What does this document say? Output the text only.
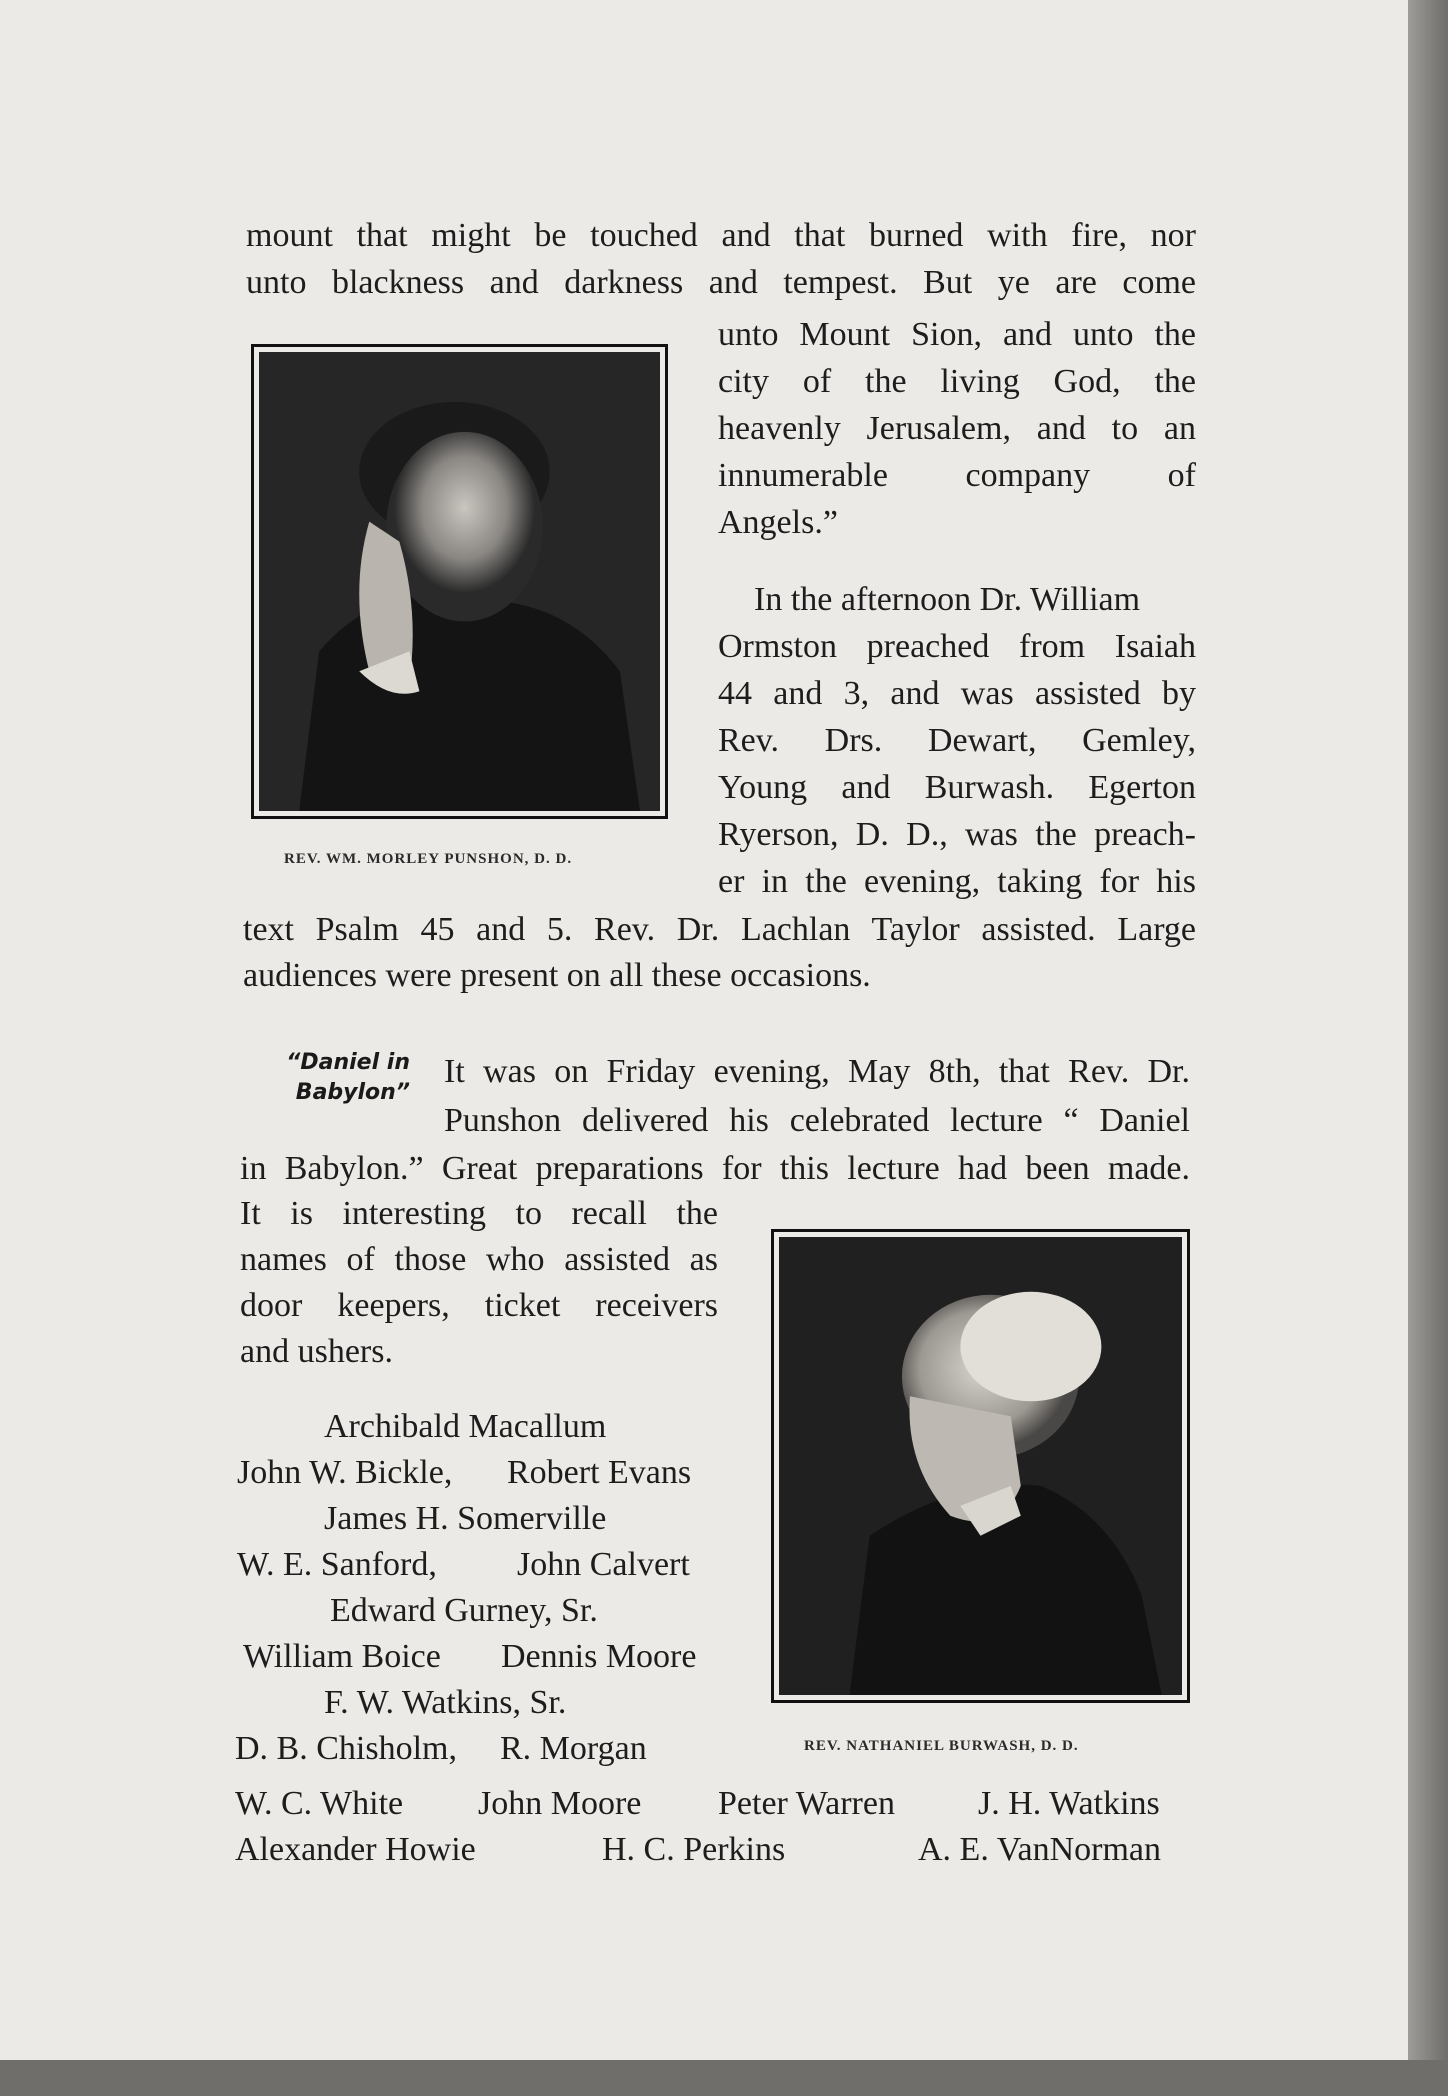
mount that might be touched and that burned with fire, nor
unto blackness and darkness and tempest. But ye are come
unto Mount Sion, and unto the
city of the living God, the
heavenly Jerusalem, and to an
innumerable company of
Angels.”
REV. WM. MORLEY PUNSHON, D. D.
In the afternoon Dr. William
Ormston preached from Isaiah
44 and 3, and was assisted by
Rev. Drs. Dewart, Gemley,
Young and Burwash. Egerton
Ryerson, D. D., was the preach-
er in the evening, taking for his
text Psalm 45 and 5. Rev. Dr. Lachlan Taylor assisted. Large
audiences were present on all these occasions.
“Daniel in
Babylon”
It was on Friday evening, May 8th, that Rev. Dr.
Punshon delivered his celebrated lecture “ Daniel
in Babylon.” Great preparations for this lecture had been made.
It is interesting to recall the
names of those who assisted as
door keepers, ticket receivers
and ushers.
REV. NATHANIEL BURWASH, D. D.
Archibald Macallum
John W. Bickle, Robert Evans
James H. Somerville
W. E. Sanford, John Calvert
Edward Gurney, Sr.
William Boice Dennis Moore
F. W. Watkins, Sr.
D. B. Chisholm, R. Morgan
W. C. White John Moore Peter Warren J. H. Watkins
Alexander Howie	H. C. Perkins	A. E. VanNorman
